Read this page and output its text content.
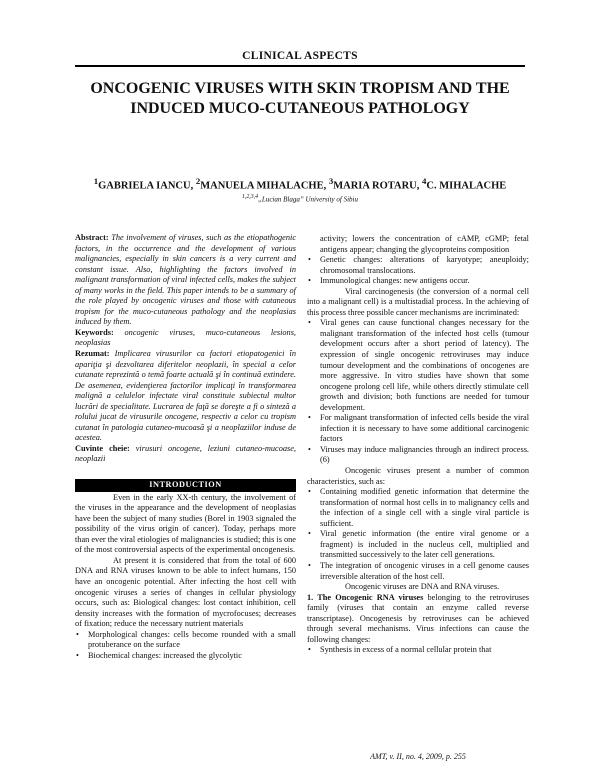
CLINICAL ASPECTS
ONCOGENIC VIRUSES WITH SKIN TROPISM AND THE
INDUCED MUCO-CUTANEOUS PATHOLOGY
$^1$GABRIELA IANCU, $^2$MANUELA MIHALACHE, $^3$MARIA ROTARU, $^4$C. MIHALACHE
$^{1,2,3,4}$„Lucian Blaga” University of Sibiu

Abstract: The involvement of viruses, such as the etiopathogenic factors, in the occurrence and the development of various malignancies, especially in skin cancers is a very current and constant issue. Also, highlighting the factors involved in malignant transformation of viral infected cells, makes the subject of many works in the field. This paper intends to be a summary of the role played by oncogenic viruses and those with cutaneous tropism for the muco-cutaneous pathology and the neoplasias induced by them.

Keywords: oncogenic viruses, muco-cutaneous lesions, neoplasias

Rezumat: Implicarea virusurilor ca factori etiopatogenici în apariţia şi dezvoltarea diferitelor neoplazii, în special a celor cutanate reprezintă o temă foarte actuală şi în continuă extindere. De asemenea, evidenţierea factorilor implicaţi în transformarea malignă a celulelor infectate viral constituie subiectul multor lucrări de specialitate. Lucrarea de faţă se doreşte a fi o sinteză a rolului jucat de virusurile oncogene, respectiv a celor cu tropism cutanat în patologia cutaneo-mucoasă şi a neoplaziilor induse de acestea.

Cuvinte cheie: virusuri oncogene, leziuni cutaneo-mucoase, neoplazii

INTRODUCTION

Even in the early XX-th century, the involvement of the viruses in the appearance and the development of neoplasias have been the subject of many studies (Borel in 1903 signaled the possibility of the virus origin of cancer). Today, perhaps more than ever the viral etiologies of malignancies is studied; this is one of the most controversial aspects of the experimental oncogenesis.

At present it is considered that from the total of 600 DNA and RNA viruses known to be able to infect humans, 150 have an oncogenic potential. After infecting the host cell with oncogenic viruses a series of changes in cellular physiology occurs, such as: Biological changes: lost contact inhibition, cell density increases with the formation of mycrofocuses; decreases of fixation; reduce the necessary nutrient materials

• Morphological changes: cells become rounded with a small protuberance on the surface
• Biochemical changes: increased the glycolytic

activity; lowers the concentration of cAMP, cGMP; fetal antigens appear; changing the glycoproteins composition

• Genetic changes: alterations of karyotype; aneuploidy; chromosomal translocations.
• Immunological changes: new antigens occur.

Viral carcinogenesis (the conversion of a normal cell into a malignant cell) is a multistadial process. In the achieving of this process three possible cancer mechanisms are incriminated:

• Viral genes can cause functional changes necessary for the malignant transformation of the infected host cells (tumour development occurs after a short period of latency). The expression of single oncogenic retroviruses may induce tumour development and the combinations of oncogenes are more aggressive. In vitro studies have shown that some oncogene prolong cell life, while others directly stimulate cell growth and division; both functions are needed for tumour development.
• For malignant transformation of infected cells beside the viral infection it is necessary to have some additional carcinogenic factors
• Viruses may induce malignancies through an indirect process.(6)

Oncogenic viruses present a number of common characteristics, such as:

• Containing modified genetic information that determine the transformation of normal host cells in to malignancy cells and the infection of a single cell with a single viral particle is sufficient.
• Viral genetic information (the entire viral genome or a fragment) is included in the nucleus cell, multiplied and transmitted successively to the later cell generations.
• The integration of oncogenic viruses in a cell genome causes irreversible alteration of the host cell.

Oncogenic viruses are DNA and RNA viruses.

1. The Oncogenic RNA viruses belonging to the retroviruses family (viruses that contain an enzyme called reverse transcriptase). Oncogenesis by retroviruses can be achieved through several mechanisms. Virus infections can cause the following changes:

• Synthesis in excess of a normal cellular protein that
AMT, v. II, no. 4, 2009, p. 255
